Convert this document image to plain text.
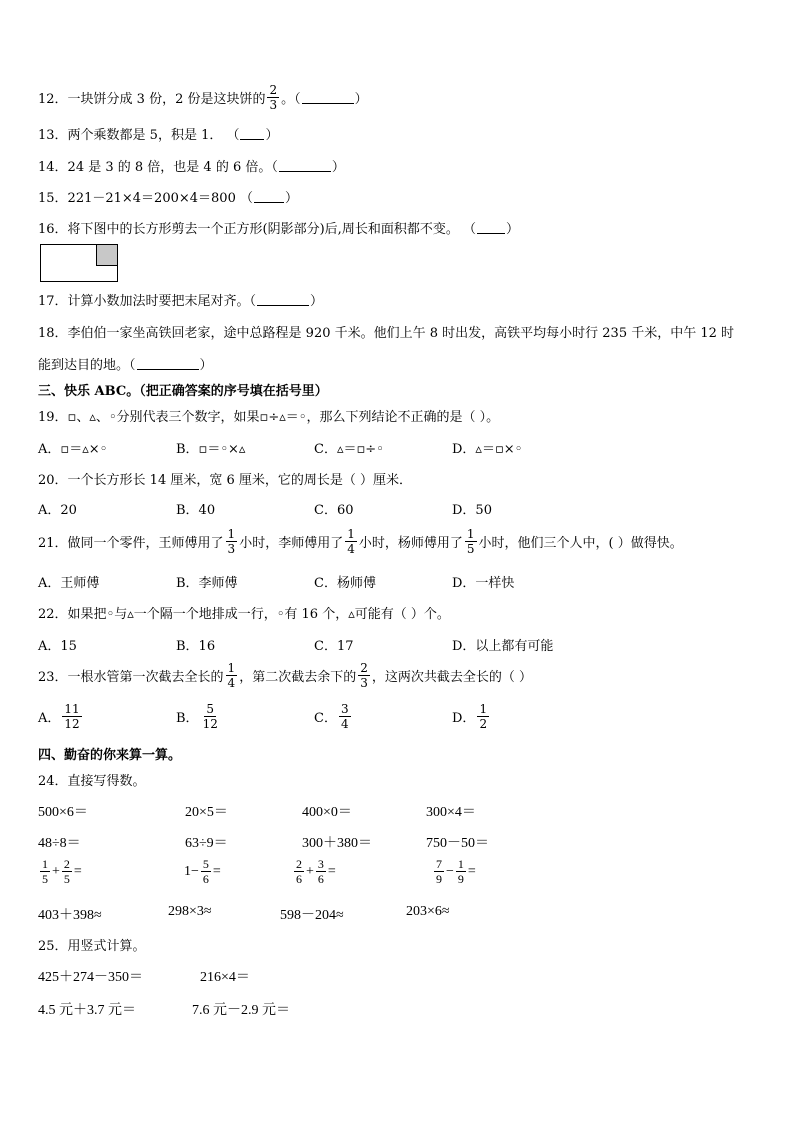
12．一块饼分成 3 份，2 份是这块饼的 $\frac{2}{3}$ 。（	）
13．两个乘数都是 5，积是 1． （ ）
14．24 是 3 的 8 倍，也是 4 的 6 倍。（	）
15．221－21×4＝200×4＝800 （ ）
16．将下图中的长方形剪去一个正方形(阴影部分)后,周长和面积都不变。 （ ）
17．计算小数加法时要把末尾对齐。（	）
18．李伯伯一家坐高铁回老家，途中总路程是 920 千米。他们上午 8 时出发，高铁平均每小时行 235 千米，中午 12 时
能到达目的地。（	）
三、快乐 ABC。（把正确答案的序号填在括号里）
19．▫、▵、◦分别代表三个数字，如果▫÷▵＝◦，那么下列结论不正确的是（ ）。
A．▫＝▵×◦	B．▫＝◦×▵	C．▵＝▫÷◦	D．▵＝▫×◦
20．一个长方形长 14 厘米，宽 6 厘米，它的周长是（ ）厘米．
A．20	B．40	C．60	D．50
21．做同一个零件，王师傅用了 $\frac{1}{3}$ 小时，李师傅用了 $\frac{1}{4}$ 小时，杨师傅用了 $\frac{1}{5}$ 小时，他们三个人中，( ）做得快。
A．王师傅	B．李师傅	C．杨师傅	D．一样快
22．如果把◦与▵一个隔一个地排成一行，◦有 16 个，▵可能有（ ）个。
A．15	B．16	C．17	D．以上都有可能
23．一根水管第一次截去全长的 $\frac{1}{4}$ ，第二次截去余下的 $\frac{2}{3}$ ，这两次共截去全长的（ ）
A． $\frac{11}{12}$	B． $\frac{5}{12}$	C． $\frac{3}{4}$	D． $\frac{1}{2}$
四、勤奋的你来算一算。
24．直接写得数。
500×6＝	20×5＝	400×0＝	300×4＝
48÷8＝	63÷9＝	300＋380＝	750－50＝
$\frac{1}{5} + \frac{2}{5}$ =	$1- \frac{5}{6}$ =	$\frac{2}{6} + \frac{3}{6}$ =	$\frac{7}{9} - \frac{1}{9}$ =
403＋398≈	298×3≈	598－204≈	203×6≈
25．用竖式计算。
425＋274－350＝	216×4＝
4.5 元＋3.7 元＝	7.6 元－2.9 元＝
